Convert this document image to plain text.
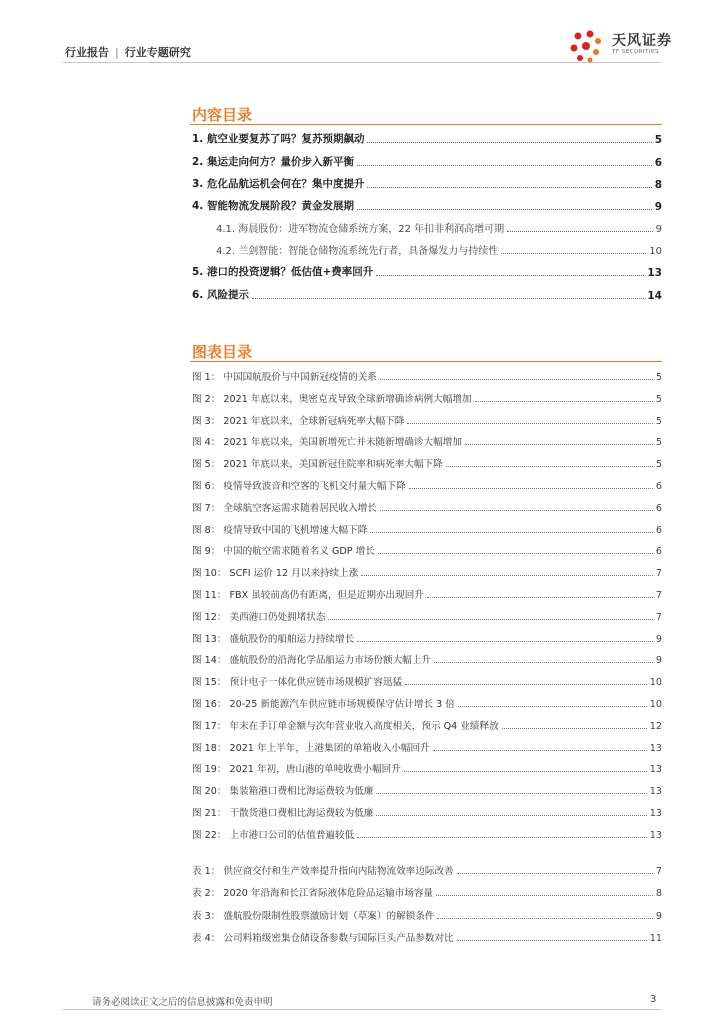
行业报告 | 行业专题研究
天风证券
TF SECURITIES
内容目录
1. 航空业要复苏了吗？复苏预期飙动	5
2. 集运走向何方？量价步入新平衡	6
3. 危化品航运机会何在？集中度提升	8
4. 智能物流发展阶段？黄金发展期	9
4.1. 海晨股份：进军物流仓储系统方案，22 年扣非利润高增可期	9
4.2. 兰剑智能：智能仓储物流系统先行者，具备爆发力与持续性	10
5. 港口的投资逻辑？低估值+费率回升	13
6. 风险提示	14
图表目录
图 1： 中国国航股价与中国新冠疫情的关系	5
图 2： 2021 年底以来，奥密克戎导致全球新增确诊病例大幅增加	5
图 3： 2021 年底以来，全球新冠病死率大幅下降	5
图 4： 2021 年底以来，美国新增死亡并未随新增确诊大幅增加	5
图 5： 2021 年底以来，美国新冠住院率和病死率大幅下降	5
图 6： 疫情导致波音和空客的飞机交付量大幅下降	6
图 7： 全球航空客运需求随着居民收入增长	6
图 8： 疫情导致中国的飞机增速大幅下降	6
图 9： 中国的航空需求随着名义 GDP 增长	6
图 10： SCFI 运价 12 月以来持续上涨	7
图 11： FBX 虽较前高仍有距离，但是近期亦出现回升	7
图 12： 美西港口仍处拥堵状态	7
图 13： 盛航股份的船舶运力持续增长	9
图 14： 盛航股份的沿海化学品船运力市场份额大幅上升	9
图 15： 预计电子一体化供应链市场规模扩容迅猛	10
图 16： 20-25 新能源汽车供应链市场规模保守估计增长 3 倍	10
图 17： 年末在手订单金额与次年营业收入高度相关，预示 Q4 业绩释放	12
图 18： 2021 年上半年，上港集团的单箱收入小幅回升	13
图 19： 2021 年初，唐山港的单吨收费小幅回升	13
图 20： 集装箱港口费相比海运费较为低廉	13
图 21： 干散货港口费相比海运费较为低廉	13
图 22： 上市港口公司的估值普遍较低	13
表 1： 供应商交付和生产效率提升指向内陆物流效率边际改善	7
表 2： 2020 年沿海和长江省际液体危险品运输市场容量	8
表 3： 盛航股份限制性股票激励计划（草案）的解锁条件	9
表 4： 公司料箱级密集仓储设备参数与国际巨头产品参数对比	11
请务必阅读正文之后的信息披露和免责申明	3
